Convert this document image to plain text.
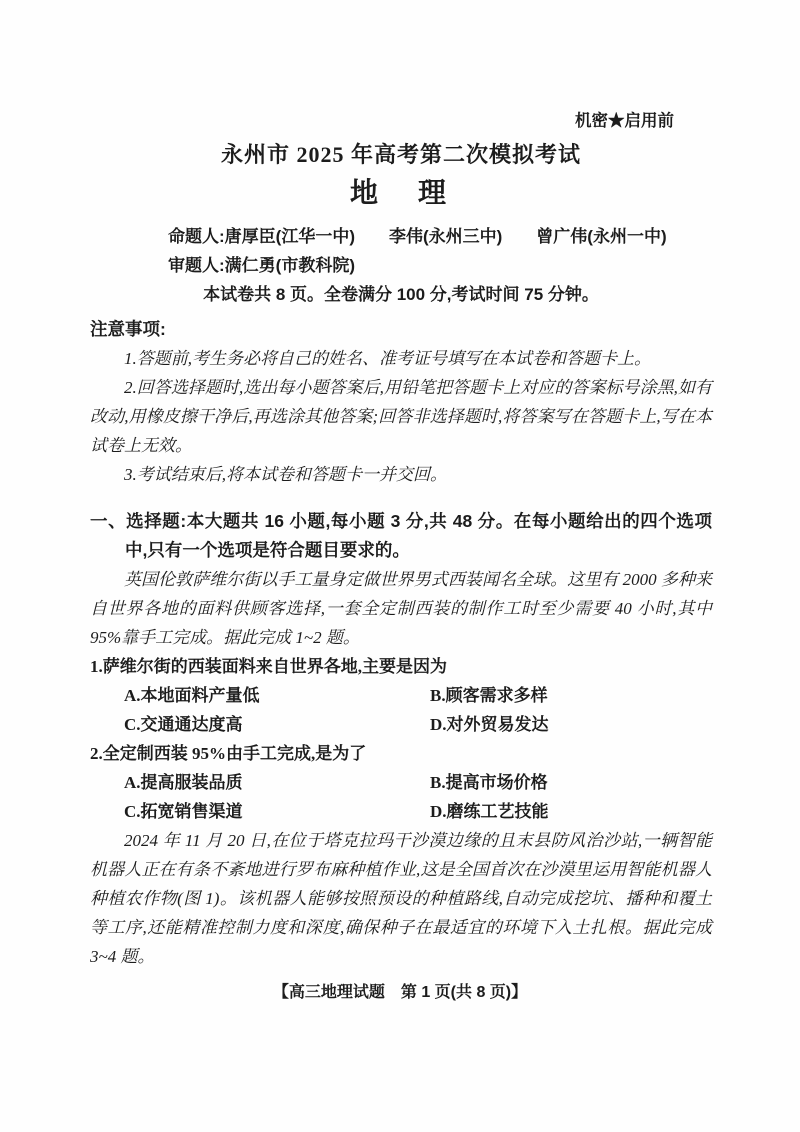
机密★启用前
永州市 2025 年高考第二次模拟考试
地　理
命题人:唐厚臣(江华一中)　　李伟(永州三中)　　曾广伟(永州一中)
审题人:满仁勇(市教科院)
本试卷共 8 页。全卷满分 100 分,考试时间 75 分钟。
注意事项:
1.答题前,考生务必将自己的姓名、准考证号填写在本试卷和答题卡上。
2.回答选择题时,选出每小题答案后,用铅笔把答题卡上对应的答案标号涂黑,如有改动,用橡皮擦干净后,再选涂其他答案;回答非选择题时,将答案写在答题卡上,写在本试卷上无效。
3.考试结束后,将本试卷和答题卡一并交回。
一、选择题:本大题共 16 小题,每小题 3 分,共 48 分。在每小题给出的四个选项中,只有一个选项是符合题目要求的。
英国伦敦萨维尔街以手工量身定做世界男式西装闻名全球。这里有 2000 多种来自世界各地的面料供顾客选择,一套全定制西装的制作工时至少需要 40 小时,其中 95%靠手工完成。据此完成 1~2 题。
1.萨维尔街的西装面料来自世界各地,主要是因为
A.本地面料产量低	B.顾客需求多样
C.交通通达度高	D.对外贸易发达
2.全定制西装 95%由手工完成,是为了
A.提高服装品质	B.提高市场价格
C.拓宽销售渠道	D.磨练工艺技能
2024 年 11 月 20 日,在位于塔克拉玛干沙漠边缘的且末县防风治沙站,一辆智能机器人正在有条不紊地进行罗布麻种植作业,这是全国首次在沙漠里运用智能机器人种植农作物(图 1)。该机器人能够按照预设的种植路线,自动完成挖坑、播种和覆土等工序,还能精准控制力度和深度,确保种子在最适宜的环境下入土扎根。据此完成 3~4 题。
【高三地理试题　第 1 页(共 8 页)】
